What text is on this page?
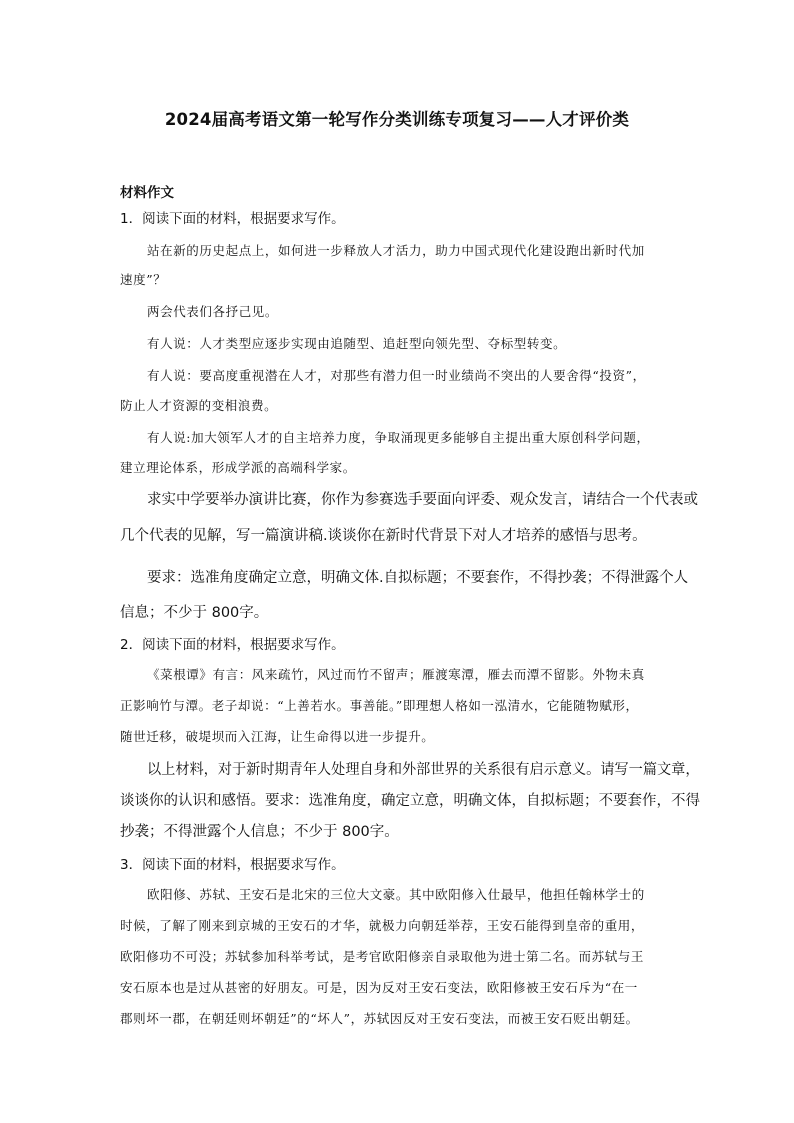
2024届高考语文第一轮写作分类训练专项复习——人才评价类
材料作文
1．阅读下面的材料，根据要求写作。
站在新的历史起点上，如何进一步释放人才活力，助力中国式现代化建设跑出新时代加
速度”？
两会代表们各抒己见。
有人说：人才类型应逐步实现由追随型、追赶型向领先型、夺标型转变。
有人说：要高度重视潜在人才，对那些有潜力但一时业绩尚不突出的人要舍得“投资”，
防止人才资源的变相浪费。
有人说:加大领军人才的自主培养力度，争取涌现更多能够自主提出重大原创科学问题，
建立理论体系，形成学派的高端科学家。
求实中学要举办演讲比赛，你作为参赛选手要面向评委、观众发言，请结合一个代表或
几个代表的见解，写一篇演讲稿.谈谈你在新时代背景下对人才培养的感悟与思考。
要求：选准角度确定立意，明确文体.自拟标题；不要套作，不得抄袭；不得泄露个人
信息；不少于 800字。
2．阅读下面的材料，根据要求写作。
《菜根谭》有言：风来疏竹，风过而竹不留声；雁渡寒潭，雁去而潭不留影。外物未真
正影响竹与潭。老子却说：“上善若水。事善能。”即理想人格如一泓清水，它能随物赋形，
随世迁移，破堤坝而入江海，让生命得以进一步提升。
以上材料，对于新时期青年人处理自身和外部世界的关系很有启示意义。请写一篇文章，
谈谈你的认识和感悟。要求：选准角度，确定立意，明确文体，自拟标题；不要套作，不得
抄袭；不得泄露个人信息；不少于 800字。
3．阅读下面的材料，根据要求写作。
欧阳修、苏轼、王安石是北宋的三位大文豪。其中欧阳修入仕最早，他担任翰林学士的
时候，了解了刚来到京城的王安石的才华，就极力向朝廷举荐，王安石能得到皇帝的重用，
欧阳修功不可没；苏轼参加科举考试，是考官欧阳修亲自录取他为进士第二名。而苏轼与王
安石原本也是过从甚密的好朋友。可是，因为反对王安石变法，欧阳修被王安石斥为“在一
郡则坏一郡，在朝廷则坏朝廷”的“坏人”，苏轼因反对王安石变法，而被王安石贬出朝廷。
